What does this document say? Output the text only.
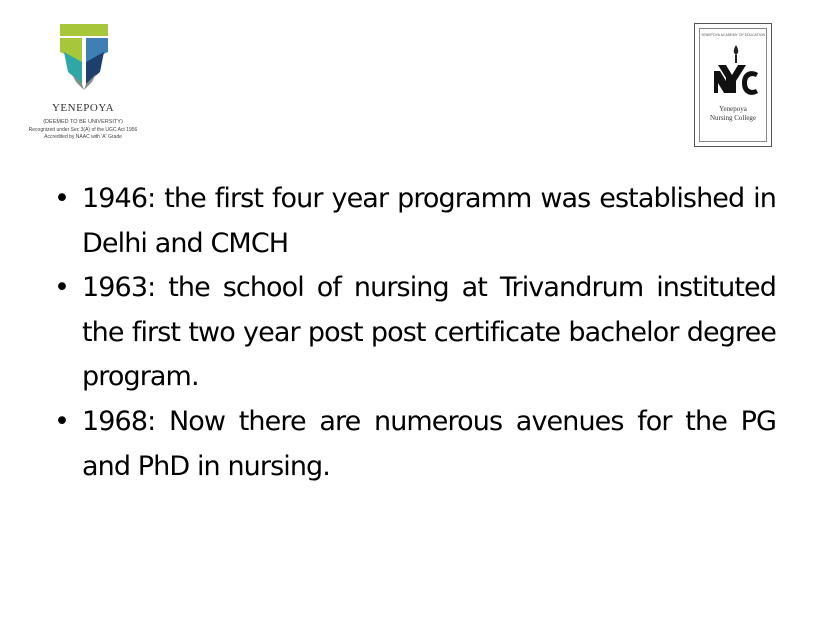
YENEPOYA
(DEEMED TO BE UNIVERSITY)
Recognized under Sec 3(A) of the UGC Act 1956
Accredited by NAAC with 'A' Grade
YENEPOYA ACADEMY OF EDUCATION
Yenepoya
Nursing College
• 1946: the first four year programm was established in Delhi and CMCH
• 1963: the school of nursing at Trivandrum instituted the first two year post post certificate bachelor degree program.
• 1968: Now there are numerous avenues for the PG and PhD in nursing.
